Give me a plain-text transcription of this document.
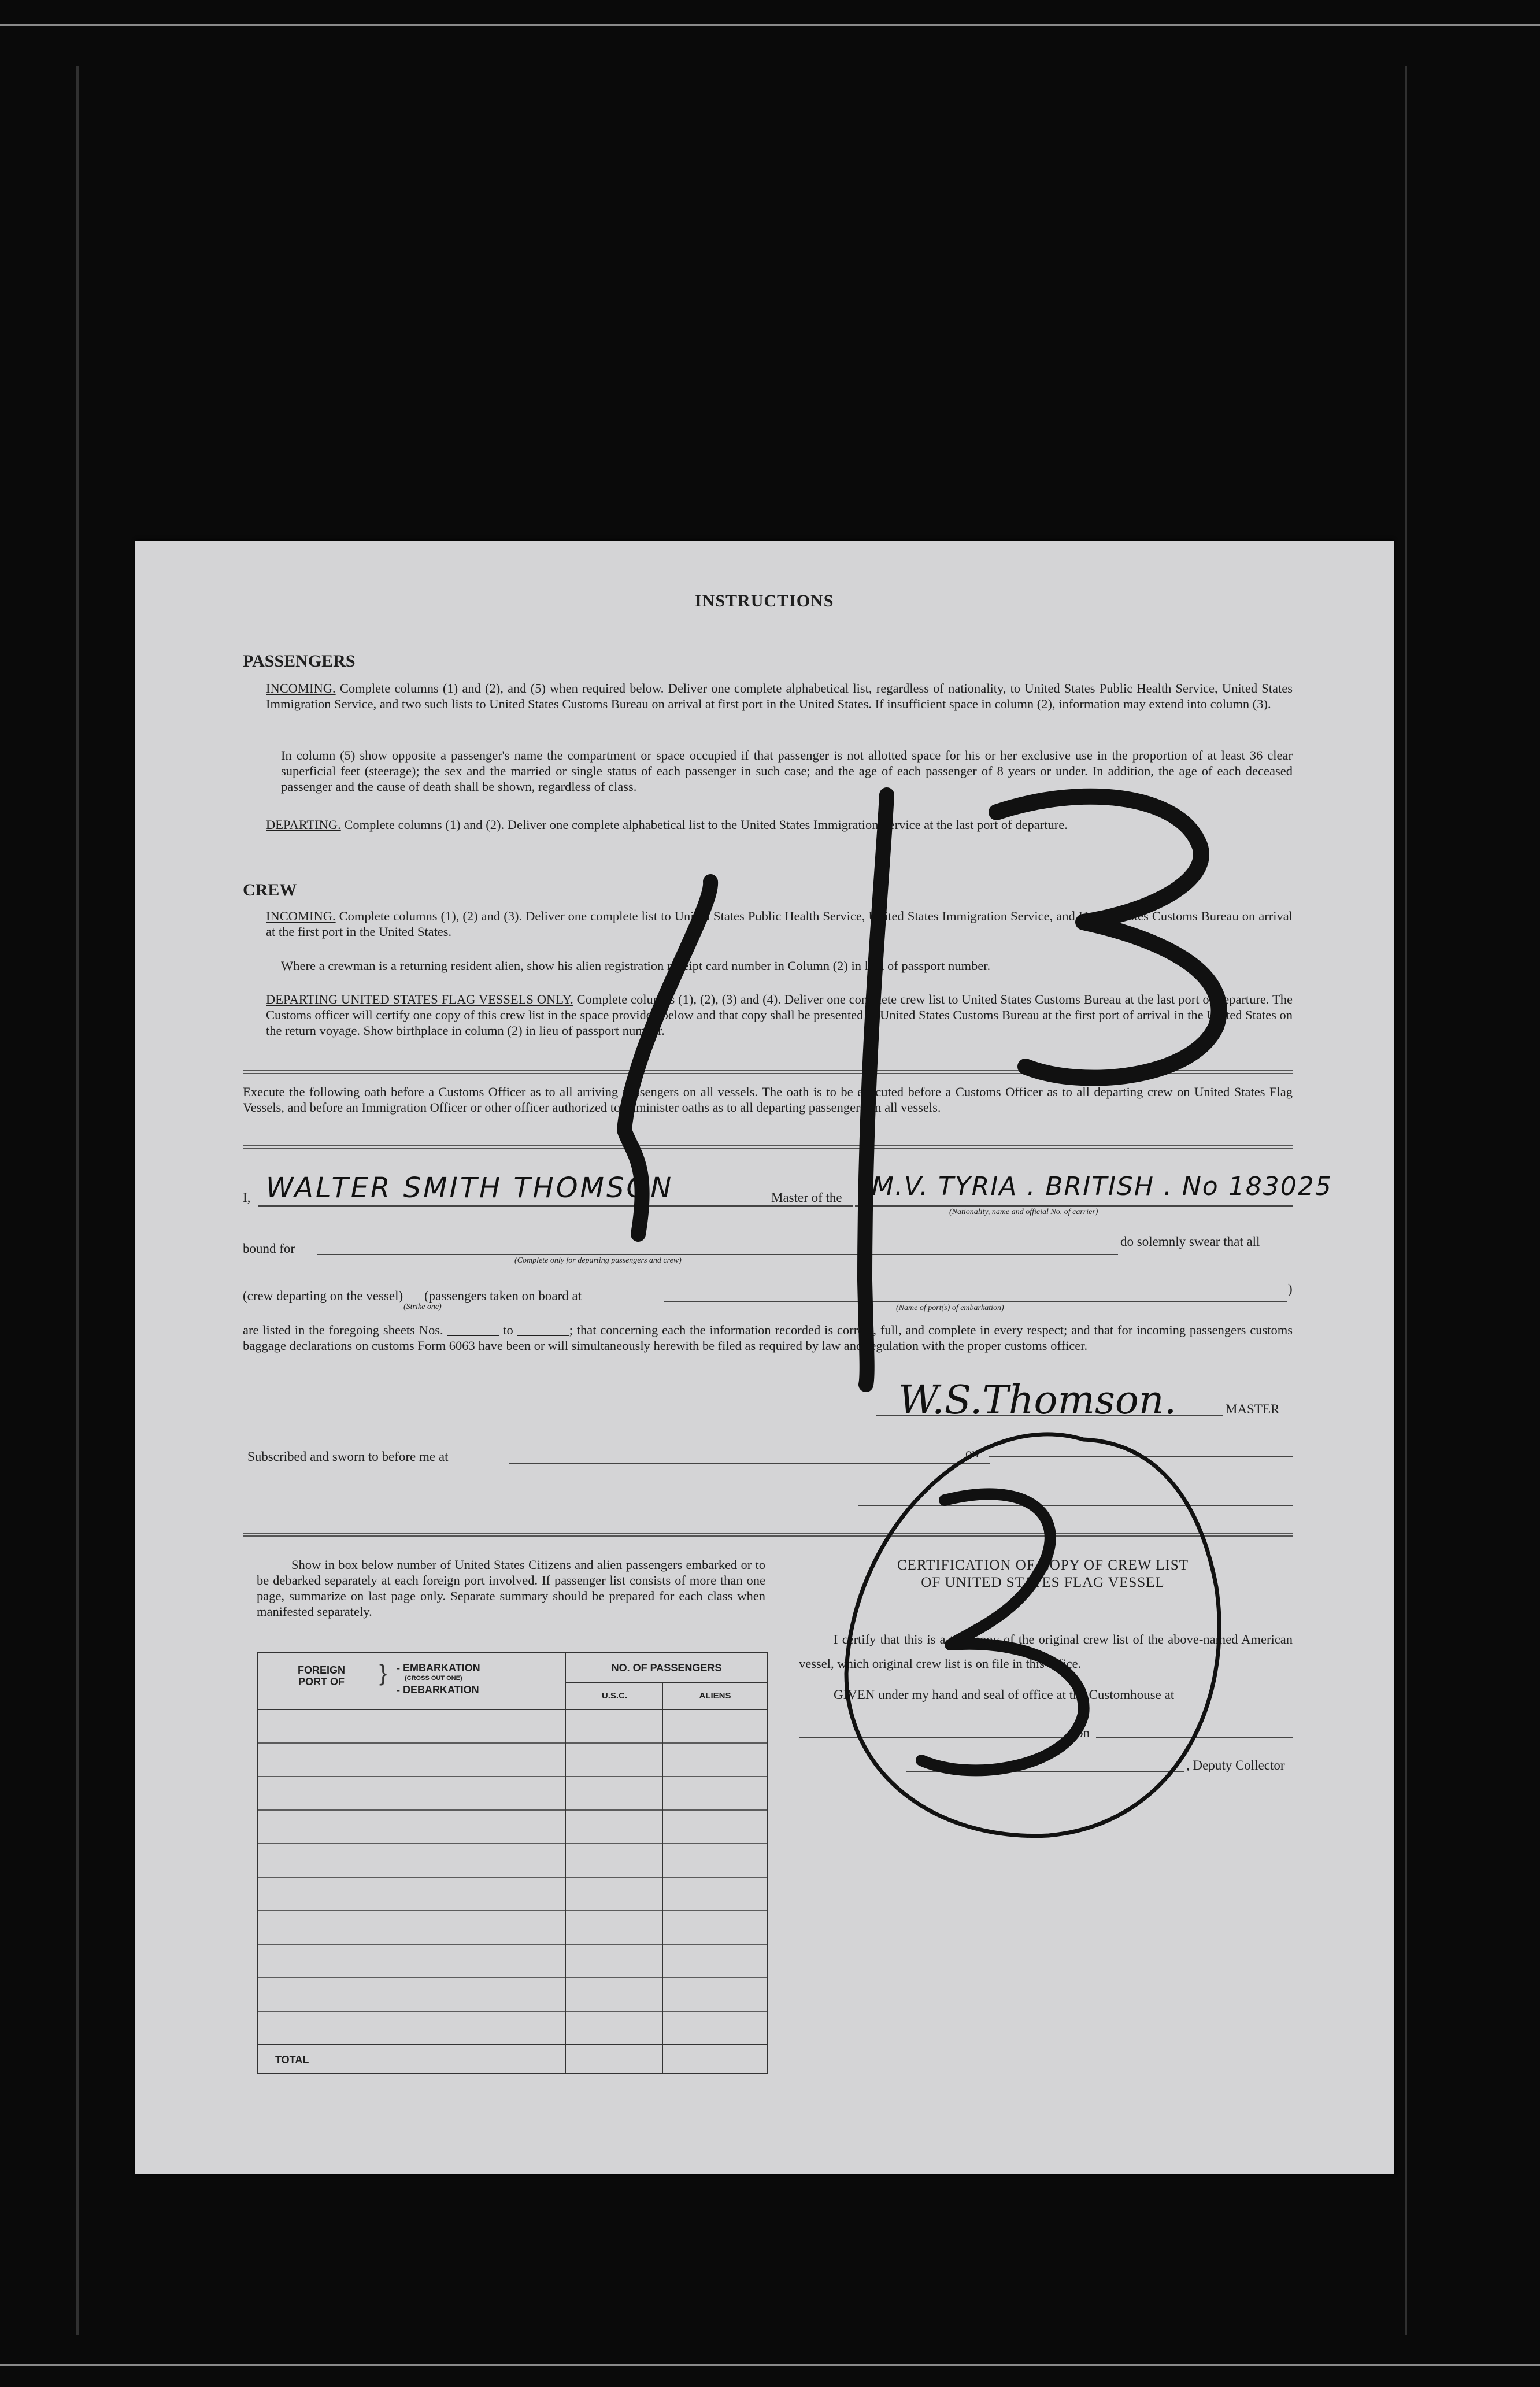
INSTRUCTIONS
PASSENGERS
INCOMING. Complete columns (1) and (2), and (5) when required below. Deliver one complete alphabetical list, regardless of nationality, to United States Public Health Service, United States Immigration Service, and two such lists to United States Customs Bureau on arrival at first port in the United States. If insufficient space in column (2), information may extend into column (3).
In column (5) show opposite a passenger's name the compartment or space occupied if that passenger is not allotted space for his or her exclusive use in the proportion of at least 36 clear superficial feet (steerage); the sex and the married or single status of each passenger in such case; and the age of each passenger of 8 years or under. In addition, the age of each deceased passenger and the cause of death shall be shown, regardless of class.
DEPARTING. Complete columns (1) and (2). Deliver one complete alphabetical list to the United States Immigration Service at the last port of departure.
CREW
INCOMING. Complete columns (1), (2) and (3). Deliver one complete list to United States Public Health Service, United States Immigration Service, and United States Customs Bureau on arrival at the first port in the United States.
Where a crewman is a returning resident alien, show his alien registration receipt card number in Column (2) in lieu of passport number.
DEPARTING UNITED STATES FLAG VESSELS ONLY. Complete columns (1), (2), (3) and (4). Deliver one complete crew list to United States Customs Bureau at the last port of departure. The Customs officer will certify one copy of this crew list in the space provided below and that copy shall be presented to United States Customs Bureau at the first port of arrival in the United States on the return voyage. Show birthplace in column (2) in lieu of passport number.
Execute the following oath before a Customs Officer as to all arriving passengers on all vessels. The oath is to be executed before a Customs Officer as to all departing crew on United States Flag Vessels, and before an Immigration Officer or other officer authorized to administer oaths as to all departing passengers on all vessels.
I, WALTER SMITH THOMSON	Master of the M.V. TYRIA . BRITISH . No 183025
(Nationality, name and official No. of carrier)
bound for
(Complete only for departing passengers and crew)
do solemnly swear that all
(crew departing on the vessel) (passengers taken on board at	)
(Strike one)	(Name of port(s) of embarkation)
are listed in the foregoing sheets Nos. ________ to ________; that concerning each the information recorded is correct, full, and complete in every respect; and that for incoming passengers customs baggage declarations on customs Form 6063 have been or will simultaneously herewith be filed as required by law and regulation with the proper customs officer.
W.S.Thomson.	MASTER
Subscribed and sworn to before me at	on
Show in box below number of United States Citizens and alien passengers embarked or to be debarked separately at each foreign port involved. If passenger list consists of more than one page, summarize on last page only. Separate summary should be prepared for each class when manifested separately.
}
FOREIGN PORT OF
- EMBARKATION
(CROSS OUT ONE)
- DEBARKATION
NO. OF PASSENGERS
U.S.C.	ALIENS
TOTAL
CERTIFICATION OF COPY OF CREW LIST
OF UNITED STATES FLAG VESSEL
I certify that this is a true copy of the original crew list of the above-named American vessel, which original crew list is on file in this office.
GIVEN under my hand and seal of office at the Customhouse at
on
, Deputy Collector
